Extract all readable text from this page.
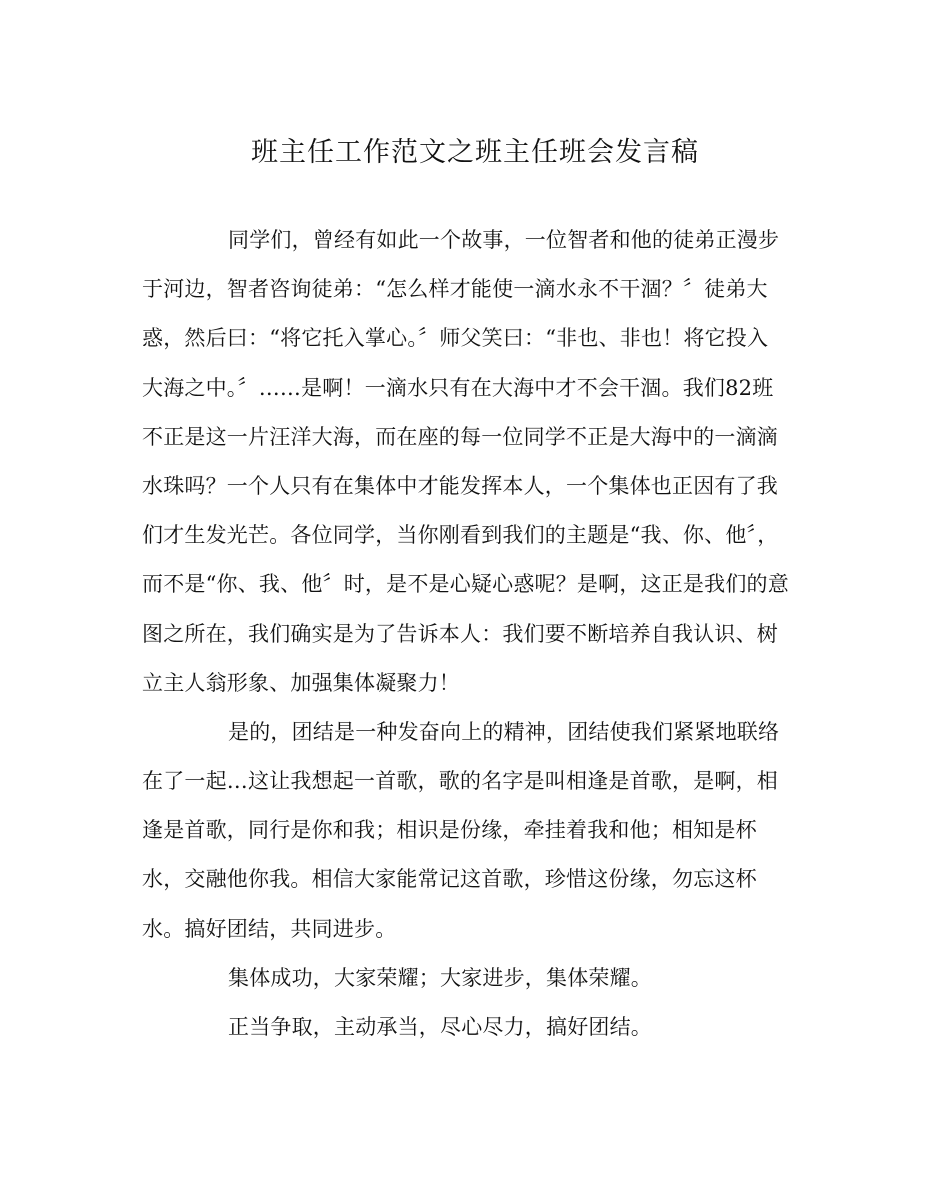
班主任工作范文之班主任班会发言稿
同学们，曾经有如此一个故事，一位智者和他的徒弟正漫步
于河边，智者咨询徒弟：“怎么样才能使一滴水永不干涸？〞徒弟大
惑，然后曰：“将它托入掌心。〞师父笑曰：“非也、非也！将它投入
大海之中。〞……是啊！一滴水只有在大海中才不会干涸。我们82班
不正是这一片汪洋大海，而在座的每一位同学不正是大海中的一滴滴
水珠吗？一个人只有在集体中才能发挥本人，一个集体也正因有了我
们才生发光芒。各位同学，当你刚看到我们的主题是“我、你、他〞，
而不是“你、我、他〞时，是不是心疑心惑呢？是啊，这正是我们的意
图之所在，我们确实是为了告诉本人：我们要不断培养自我认识、树
立主人翁形象、加强集体凝聚力！
是的，团结是一种发奋向上的精神，团结使我们紧紧地联络
在了一起…这让我想起一首歌，歌的名字是叫相逢是首歌，是啊，相
逢是首歌，同行是你和我；相识是份缘，牵挂着我和他；相知是杯
水，交融他你我。相信大家能常记这首歌，珍惜这份缘，勿忘这杯
水。搞好团结，共同进步。
集体成功，大家荣耀；大家进步，集体荣耀。
正当争取，主动承当，尽心尽力，搞好团结。
